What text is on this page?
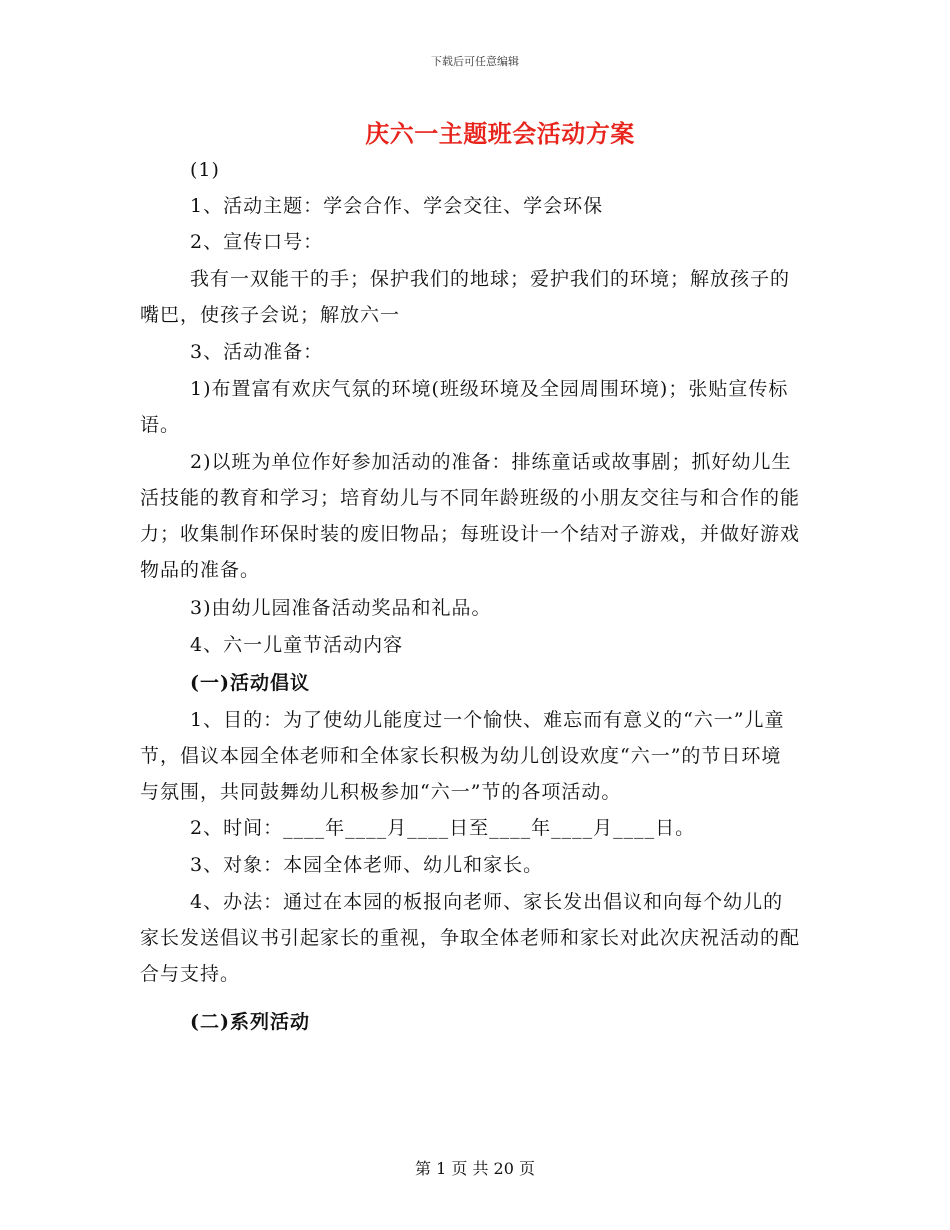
下载后可任意编辑
庆六一主题班会活动方案
(1)
1、活动主题：学会合作、学会交往、学会环保
2、宣传口号：
我有一双能干的手；保护我们的地球；爱护我们的环境；解放孩子的嘴巴，使孩子会说；解放六一
3、活动准备：
1)布置富有欢庆气氛的环境(班级环境及全园周围环境)；张贴宣传标语。
2)以班为单位作好参加活动的准备：排练童话或故事剧；抓好幼儿生活技能的教育和学习；培育幼儿与不同年龄班级的小朋友交往与和合作的能力；收集制作环保时装的废旧物品；每班设计一个结对子游戏，并做好游戏物品的准备。
3)由幼儿园准备活动奖品和礼品。
4、六一儿童节活动内容
(一)活动倡议
1、目的：为了使幼儿能度过一个愉快、难忘而有意义的“六一”儿童节，倡议本园全体老师和全体家长积极为幼儿创设欢度“六一”的节日环境与氛围，共同鼓舞幼儿积极参加“六一”节的各项活动。
2、时间：____年____月____日至____年____月____日。
3、对象：本园全体老师、幼儿和家长。
4、办法：通过在本园的板报向老师、家长发出倡议和向每个幼儿的家长发送倡议书引起家长的重视，争取全体老师和家长对此次庆祝活动的配合与支持。
(二)系列活动
第 1 页 共 20 页
